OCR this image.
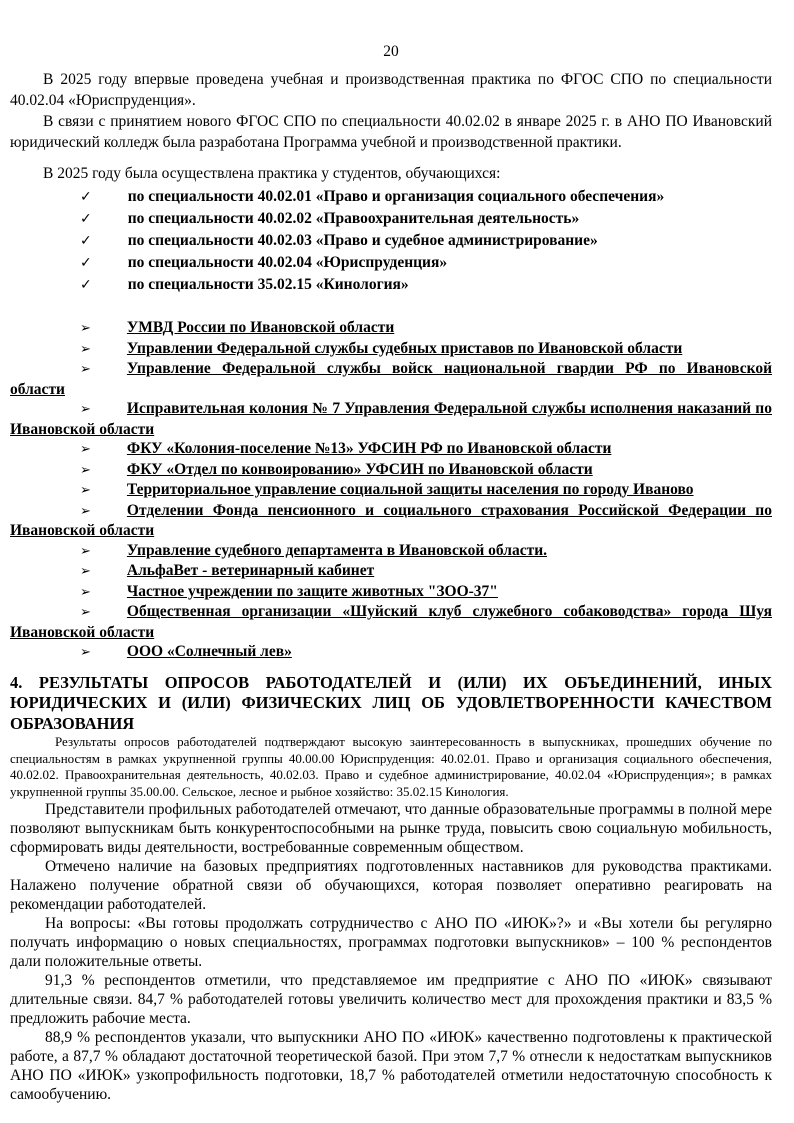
20

В 2025 году впервые проведена учебная и производственная практика по ФГОС СПО по специальности 40.02.04 «Юриспруденция».

В связи с принятием нового ФГОС СПО по специальности 40.02.02 в январе 2025 г. в АНО ПО Ивановский юридический колледж была разработана Программа учебной и производственной практики.

В 2025 году была осуществлена практика у студентов, обучающихся:

✓ по специальности 40.02.01 «Право и организация социального обеспечения»
✓ по специальности 40.02.02 «Правоохранительная деятельность»
✓ по специальности 40.02.03 «Право и судебное администрирование»
✓ по специальности 40.02.04 «Юриспруденция»
✓ по специальности 35.02.15 «Кинология»
➢ УМВД России по Ивановской области
➢ Управлении Федеральной службы судебных приставов по Ивановской области
➢ Управление Федеральной службы войск национальной гвардии РФ по Ивановской области
➢ Исправительная колония № 7 Управления Федеральной службы исполнения наказаний по Ивановской области
➢ ФКУ «Колония-поселение №13» УФСИН РФ по Ивановской области
➢ ФКУ «Отдел по конвоированию» УФСИН по Ивановской области
➢ Территориальное управление социальной защиты населения по городу Иваново
➢ Отделении Фонда пенсионного и социального страхования Российской Федерации по Ивановской области
➢ Управление судебного департамента в Ивановской области.
➢ АльфаВет - ветеринарный кабинет
➢ Частное учреждении по защите животных "ЗОО-37"
➢ Общественная организации «Шуйский клуб служебного собаководства» города Шуя Ивановской области
➢ ООО «Солнечный лев»
4. РЕЗУЛЬТАТЫ ОПРОСОВ РАБОТОДАТЕЛЕЙ И (ИЛИ) ИХ ОБЪЕДИНЕНИЙ, ИНЫХ ЮРИДИЧЕСКИХ И (ИЛИ) ФИЗИЧЕСКИХ ЛИЦ ОБ УДОВЛЕТВОРЕННОСТИ КАЧЕСТВОМ ОБРАЗОВАНИЯ

Результаты опросов работодателей подтверждают высокую заинтересованность в выпускниках, прошедших обучение по специальностям в рамках укрупненной группы 40.00.00 Юриспруденция: 40.02.01. Право и организация социального обеспечения, 40.02.02. Правоохранительная деятельность, 40.02.03. Право и судебное администрирование, 40.02.04 «Юриспруденция»; в рамках укрупненной группы 35.00.00. Сельское, лесное и рыбное хозяйство: 35.02.15 Кинология.

Представители профильных работодателей отмечают, что данные образовательные программы в полной мере позволяют выпускникам быть конкурентоспособными на рынке труда, повысить свою социальную мобильность, сформировать виды деятельности, востребованные современным обществом.

Отмечено наличие на базовых предприятиях подготовленных наставников для руководства практиками. Налажено получение обратной связи об обучающихся, которая позволяет оперативно реагировать на рекомендации работодателей.

На вопросы: «Вы готовы продолжать сотрудничество с АНО ПО «ИЮК»?» и «Вы хотели бы регулярно получать информацию о новых специальностях, программах подготовки выпускников» – 100 % респондентов дали положительные ответы.

91,3 % респондентов отметили, что представляемое им предприятие с АНО ПО «ИЮК» связывают длительные связи. 84,7 % работодателей готовы увеличить количество мест для прохождения практики и 83,5 % предложить рабочие места.

88,9 % респондентов указали, что выпускники АНО ПО «ИЮК» качественно подготовлены к практической работе, а 87,7 % обладают достаточной теоретической базой. При этом 7,7 % отнесли к недостаткам выпускников АНО ПО «ИЮК» узкопрофильность подготовки, 18,7 % работодателей отметили недостаточную способность к самообучению.
